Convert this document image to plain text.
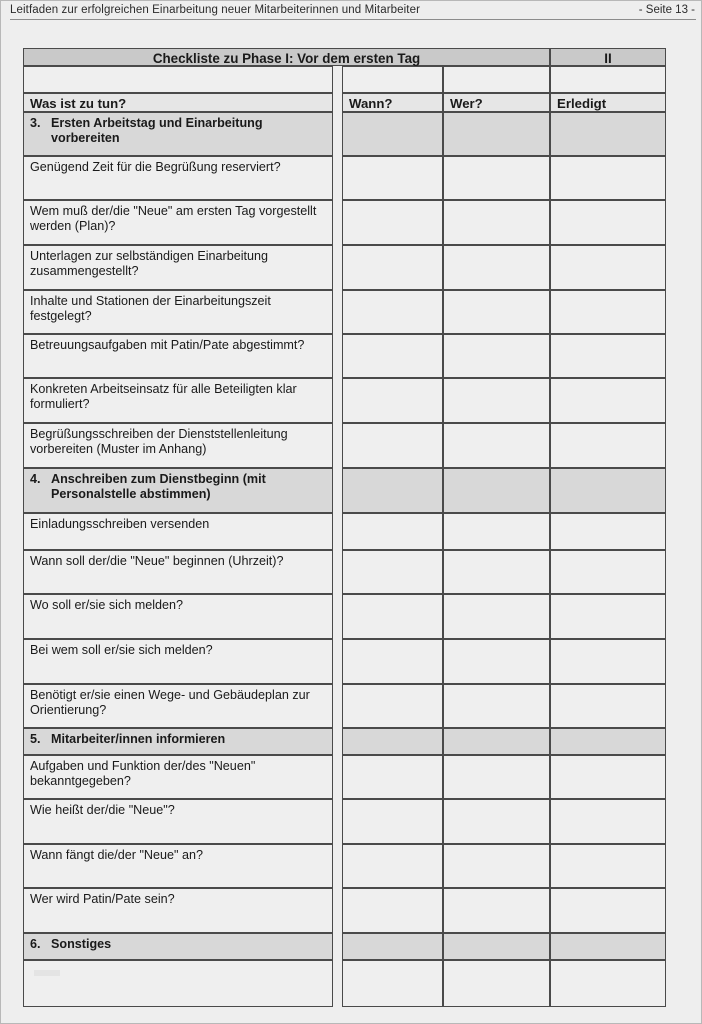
Leitfaden zur erfolgreichen Einarbeitung neuer Mitarbeiterinnen und Mitarbeiter	- Seite 13 -
Checkliste zu Phase I: Vor dem ersten Tag				II

Was ist zu tun?		Wann?	Wer?	Erledigt

3. Ersten Arbeitstag und Einarbeitung vorbereiten				

Genügend Zeit für die Begrüßung reserviert?				

Wem muß der/die "Neue" am ersten Tag vorgestellt werden (Plan)?				

Unterlagen zur selbständigen Einarbeitung zusammengestellt?				

Inhalte und Stationen der Einarbeitungszeit festgelegt?				

Betreuungsaufgaben mit Patin/Pate abgestimmt?				

Konkreten Arbeitseinsatz für alle Beteiligten klar formuliert?				

Begrüßungsschreiben der Dienststellenleitung vorbereiten (Muster im Anhang)				

4. Anschreiben zum Dienstbeginn (mit Personalstelle abstimmen)				

Einladungsschreiben versenden				

Wann soll der/die "Neue" beginnen (Uhrzeit)?				

Wo soll er/sie sich melden?				

Bei wem soll er/sie sich melden?				

Benötigt er/sie einen Wege- und Gebäudeplan zur Orientierung?				

5. Mitarbeiter/innen informieren				

Aufgaben und Funktion der/des "Neuen" bekanntgegeben?				

Wie heißt der/die "Neue"?				

Wann fängt die/der "Neue" an?				

Wer wird Patin/Pate sein?				

6. Sonstiges				
